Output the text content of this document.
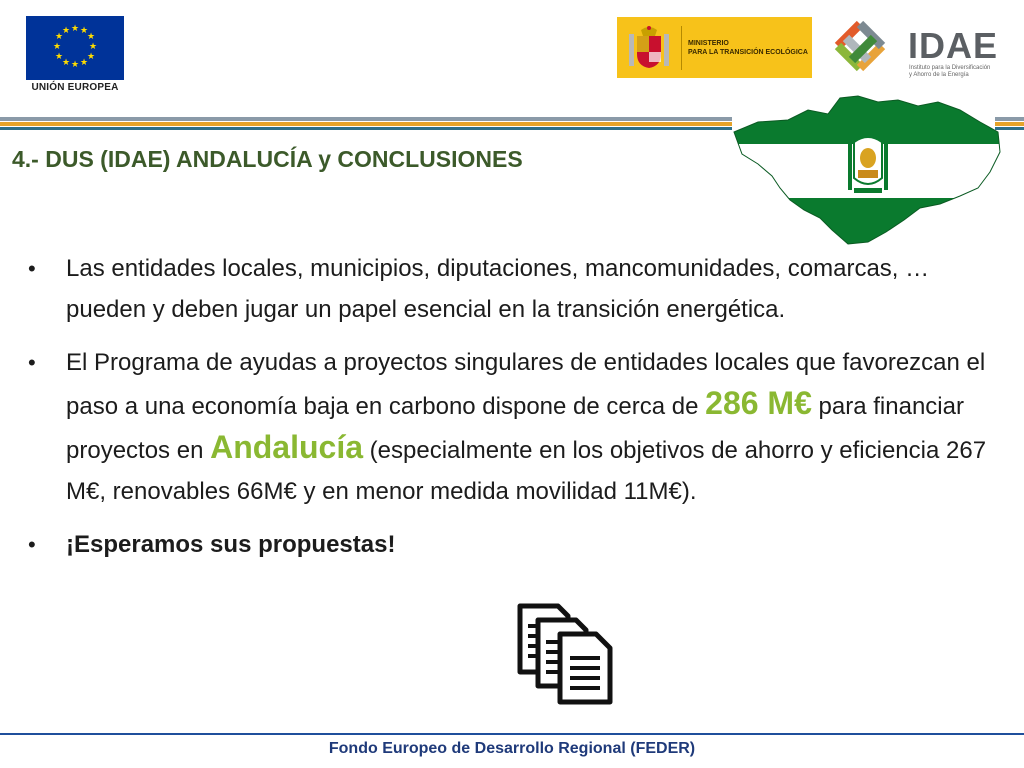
★ ★
★
★
★
★
★
★
★
★
★
★
UNIÓN EUROPEA
MINISTERIO
PARA LA TRANSICIÓN ECOLÓGICA	IDAE
Instituto para la Diversificación
y Ahorro de la Energía
4.- DUS (IDAE) ANDALUCÍA y CONCLUSIONES
• Las entidades locales, municipios, diputaciones, mancomunidades, comarcas, … pueden y deben jugar un papel esencial en la transición energética.
• El Programa de ayudas a proyectos singulares de entidades locales que favorezcan el paso a una economía baja en carbono dispone de cerca de 286 M€ para financiar proyectos en Andalucía (especialmente en los objetivos de ahorro y eficiencia 267 M€, renovables 66M€ y en menor medida movilidad 11M€).
• ¡Esperamos sus propuestas!
Fondo Europeo de Desarrollo Regional (FEDER)
